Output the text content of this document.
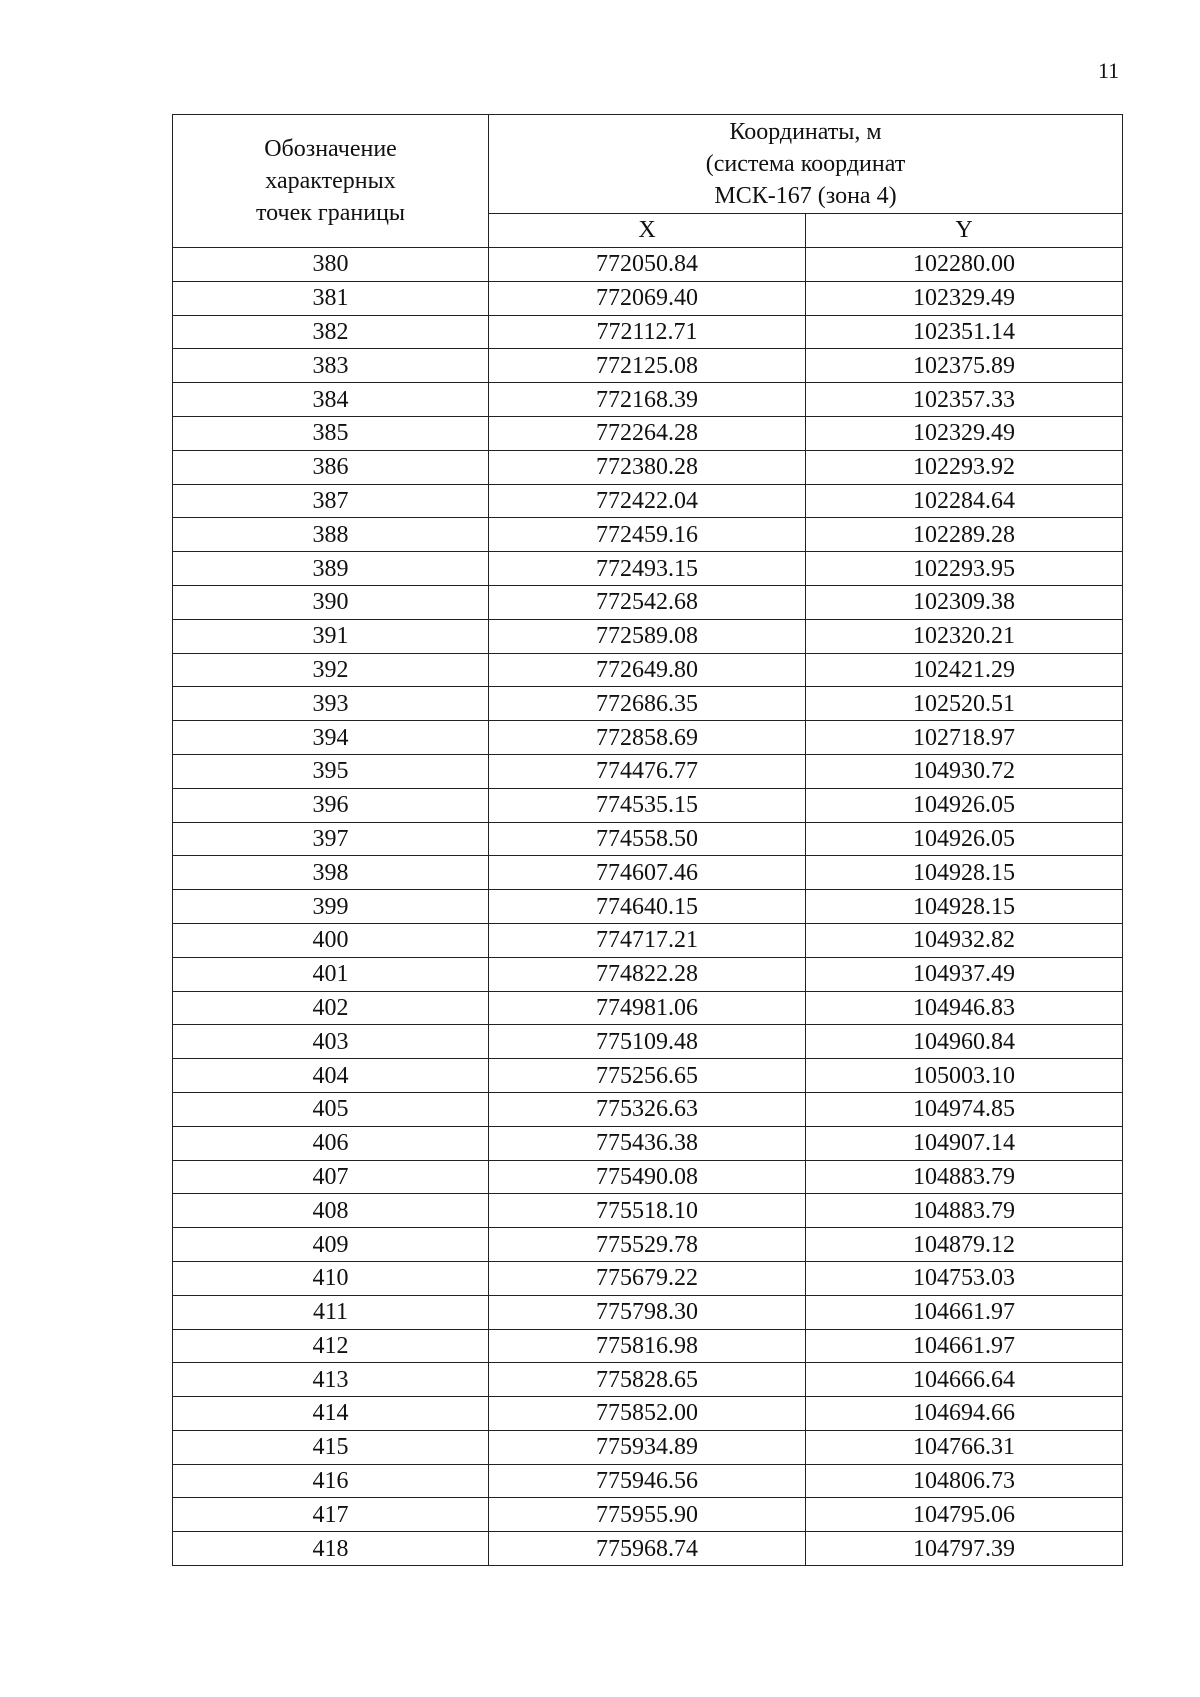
11
Обозначение
характерных
точек границы	Координаты, м
(система координат
МСК-167 (зона 4)	

	X	Y
380	772050.84	102280.00
381	772069.40	102329.49
382	772112.71	102351.14
383	772125.08	102375.89
384	772168.39	102357.33
385	772264.28	102329.49
386	772380.28	102293.92
387	772422.04	102284.64
388	772459.16	102289.28
389	772493.15	102293.95
390	772542.68	102309.38
391	772589.08	102320.21
392	772649.80	102421.29
393	772686.35	102520.51
394	772858.69	102718.97
395	774476.77	104930.72
396	774535.15	104926.05
397	774558.50	104926.05
398	774607.46	104928.15
399	774640.15	104928.15
400	774717.21	104932.82
401	774822.28	104937.49
402	774981.06	104946.83
403	775109.48	104960.84
404	775256.65	105003.10
405	775326.63	104974.85
406	775436.38	104907.14
407	775490.08	104883.79
408	775518.10	104883.79
409	775529.78	104879.12
410	775679.22	104753.03
411	775798.30	104661.97
412	775816.98	104661.97
413	775828.65	104666.64
414	775852.00	104694.66
415	775934.89	104766.31
416	775946.56	104806.73
417	775955.90	104795.06
418	775968.74	104797.39
